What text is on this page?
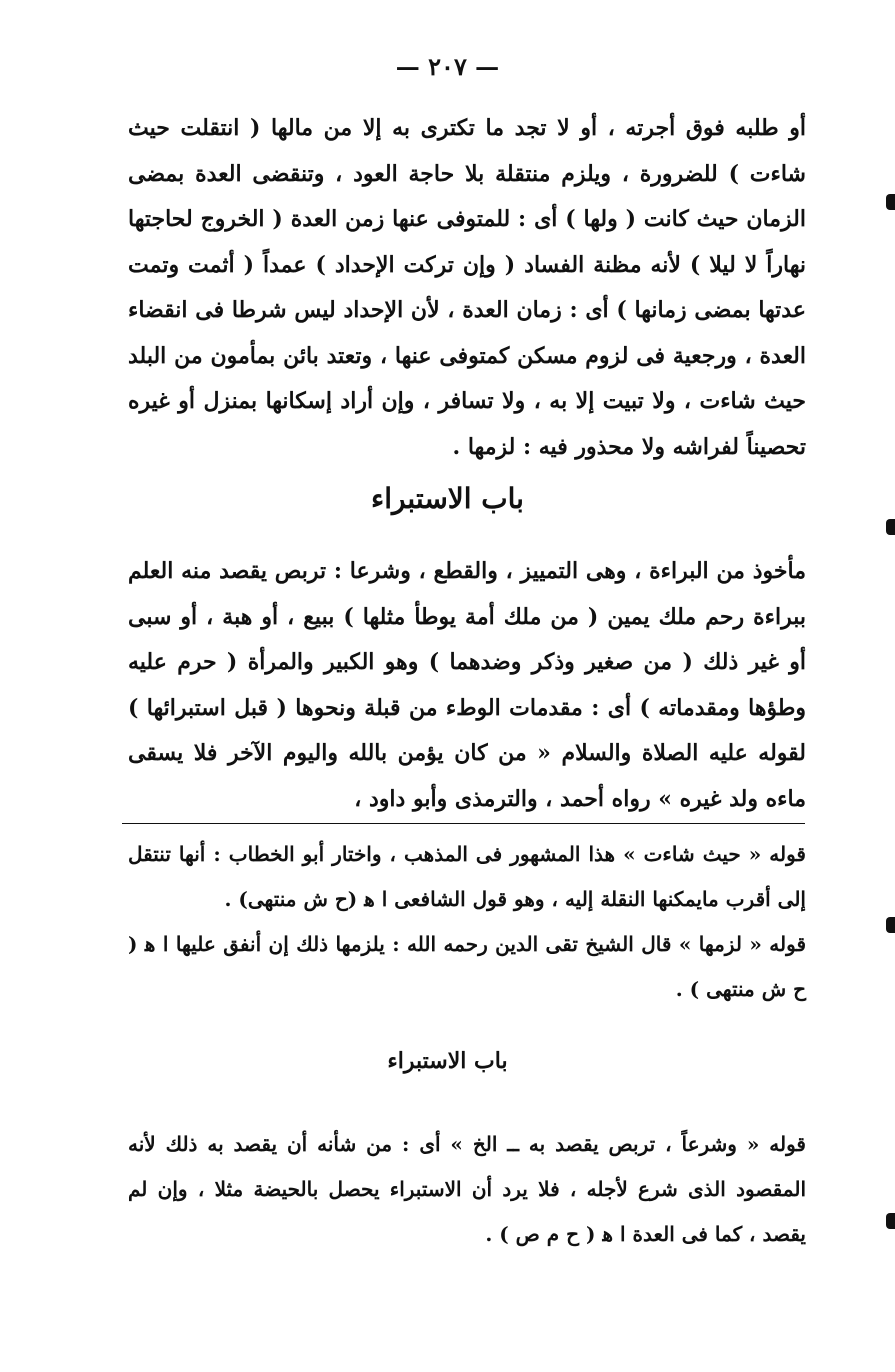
— ٢٠٧ —
أو طلبه فوق أجرته ، أو لا تجد ما تكترى به إلا من مالها ( انتقلت حيث شاءت ) للضرورة ، ويلزم منتقلة بلا حاجة العود ، وتنقضى العدة بمضى الزمان حيث كانت ( ولها ) أى : للمتوفى عنها زمن العدة ( الخروج لحاجتها نهاراً لا ليلا ) لأنه مظنة الفساد ( وإن تركت الإحداد ) عمداً ( أثمت وتمت عدتها بمضى زمانها ) أى : زمان العدة ، لأن الإحداد ليس شرطا فى انقضاء العدة ، ورجعية فى لزوم مسكن كمتوفى عنها ، وتعتد بائن بمأمون من البلد حيث شاءت ، ولا تبيت إلا به ، ولا تسافر ، وإن أراد إسكانها بمنزل أو غيره تحصيناً لفراشه ولا محذور فيه : لزمها .
باب الاستبراء
مأخوذ من البراءة ، وهى التمييز ، والقطع ، وشرعا : تربص يقصد منه العلم ببراءة رحم ملك يمين ( من ملك أمة يوطأ مثلها ) ببيع ، أو هبة ، أو سبى أو غير ذلك ( من صغير وذكر وضدهما ) وهو الكبير والمرأة ( حرم عليه وطؤها ومقدماته ) أى : مقدمات الوطء من قبلة ونحوها ( قبل استبرائها ) لقوله عليه الصلاة والسلام « من كان يؤمن بالله واليوم الآخر فلا يسقى ماءه ولد غيره » رواه أحمد ، والترمذى وأبو داود ،
قوله « حيث شاءت » هذا المشهور فى المذهب ، واختار أبو الخطاب : أنها تنتقل إلى أقرب مايمكنها النقلة إليه ، وهو قول الشافعى ا ﻫ (ح ش منتهى) .
قوله « لزمها » قال الشيخ تقى الدين رحمه الله : يلزمها ذلك إن أنفق عليها ا ﻫ ( ح ش منتهى ) .
باب الاستبراء
قوله « وشرعاً ، تربص يقصد به ــ الخ » أى : من شأنه أن يقصد به ذلك لأنه المقصود الذى شرع لأجله ، فلا يرد أن الاستبراء يحصل بالحيضة مثلا ، وإن لم يقصد ، كما فى العدة ا ﻫ ( ح م ص ) .
